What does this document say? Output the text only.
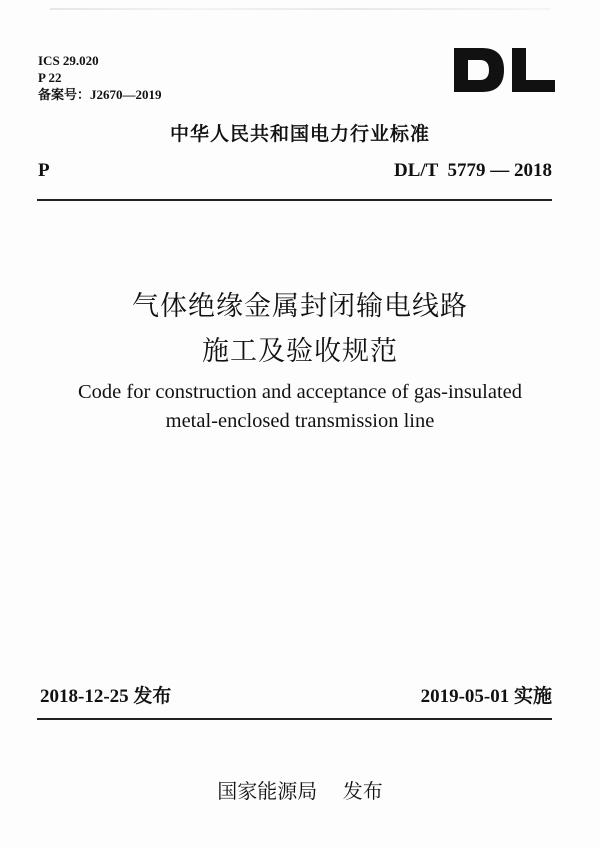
ICS 29.020
P 22
备案号：J2670—2019
中华人民共和国电力行业标准
P	DL/T  5779 — 2018
气体绝缘金属封闭输电线路
施工及验收规范
Code for construction and acceptance of gas-insulated
metal-enclosed transmission line
2018-12-25 发布	2019-05-01 实施
国家能源局 发布
